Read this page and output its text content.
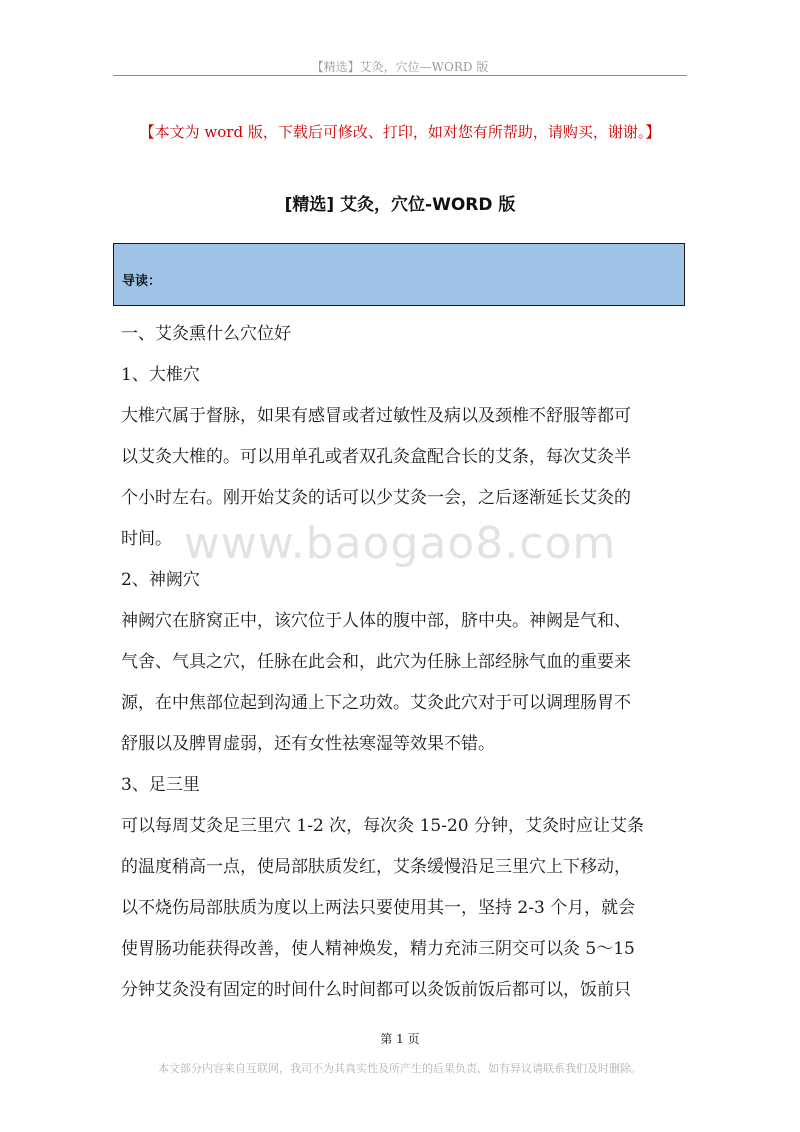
【精选】艾灸，穴位—WORD 版
【本文为 word 版，下载后可修改、打印，如对您有所帮助，请购买，谢谢。】
[精选] 艾灸，穴位-WORD 版
导读：
一、艾灸熏什么穴位好
1、大椎穴
大椎穴属于督脉，如果有感冒或者过敏性及病以及颈椎不舒服等都可
以艾灸大椎的。可以用单孔或者双孔灸盒配合长的艾条，每次艾灸半
个小时左右。刚开始艾灸的话可以少艾灸一会，之后逐渐延长艾灸的
时间。
2、神阙穴
神阙穴在脐窝正中，该穴位于人体的腹中部，脐中央。神阙是气和、
气舍、气具之穴，任脉在此会和，此穴为任脉上部经脉气血的重要来
源，在中焦部位起到沟通上下之功效。艾灸此穴对于可以调理肠胃不
舒服以及脾胃虚弱，还有女性祛寒湿等效果不错。
3、足三里
可以每周艾灸足三里穴 1-2 次，每次灸 15-20 分钟，艾灸时应让艾条
的温度稍高一点，使局部肤质发红，艾条缓慢沿足三里穴上下移动，
以不烧伤局部肤质为度以上两法只要使用其一，坚持 2-3 个月，就会
使胃肠功能获得改善，使人精神焕发，精力充沛三阴交可以灸 5～15
分钟艾灸没有固定的时间什么时间都可以灸饭前饭后都可以，饭前只
www.baogao8.com
第 1 页
本文部分内容来自互联网，我司不为其真实性及所产生的后果负责，如有异议请联系我们及时删除。
